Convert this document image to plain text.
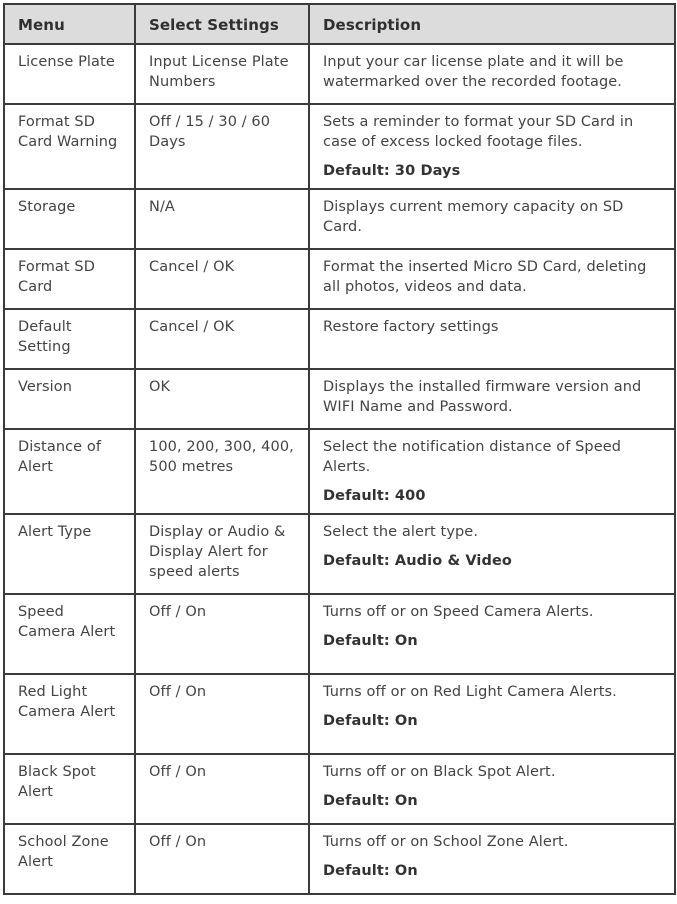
Menu	Select Settings	Description
License Plate	Input License Plate Numbers	Input your car license plate and it will be watermarked over the recorded footage.

Format SD Card Warning	Off / 15 / 30 / 60 Days	Sets a reminder to format your SD Card in case of excess locked footage files.
Default: 30 Days

Storage	N/A	Displays current memory capacity on SD Card.

Format SD Card	Cancel / OK	Format the inserted Micro SD Card, deleting all photos, videos and data.

Default Setting	Cancel / OK	Restore factory settings

Version	OK	Displays the installed firmware version and WIFI Name and Password.

Distance of Alert	100, 200, 300, 400, 500 metres	Select the notification distance of Speed Alerts.
Default: 400

Alert Type	Display or Audio & Display Alert for speed alerts	Select the alert type.
Default: Audio & Video

Speed Camera Alert	Off / On	Turns off or on Speed Camera Alerts.
Default: On

Red Light Camera Alert	Off / On	Turns off or on Red Light Camera Alerts.
Default: On

Black Spot Alert	Off / On	Turns off or on Black Spot Alert.
Default: On

School Zone Alert	Off / On	Turns off or on School Zone Alert.
Default: On
